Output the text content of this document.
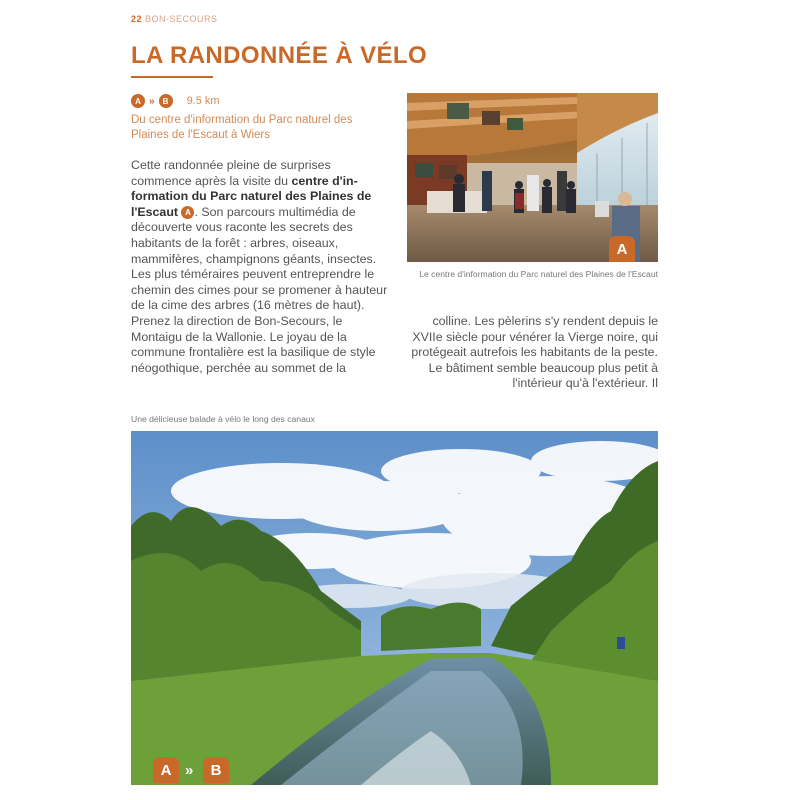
22 BON-SECOURS
LA RANDONNÉE À VÉLO
A »	B	9.5 km
Du centre d'information du Parc naturel des Plaines de l'Escaut à Wiers
Cette randonnée pleine de surprises commence après la visite du centre d'in-formation du Parc naturel des Plaines de l'Escaut A . Son parcours multimédia de découverte vous raconte les secrets des habitants de la forêt : arbres, oiseaux, mammifères, champignons géants, insectes. Les plus téméraires peuvent entreprendre le chemin des cimes pour se promener à hauteur de la cime des arbres (16 mètres de haut). Prenez la direction de Bon-Secours, le Montaigu de la Wallonie. Le joyau de la commune frontalière est la basilique de style néogothique, perchée au sommet de la
colline. Les pèlerins s'y rendent depuis le XVIIe siècle pour vénérer la Vierge noire, qui protégeait autrefois les habitants de la peste. Le bâtiment semble beaucoup plus petit à l'intérieur qu'à l'extérieur. Il
A
Le centre d'information du Parc naturel des Plaines de l'Escaut
Une délicieuse balade à vélo le long des canaux
A »	B
